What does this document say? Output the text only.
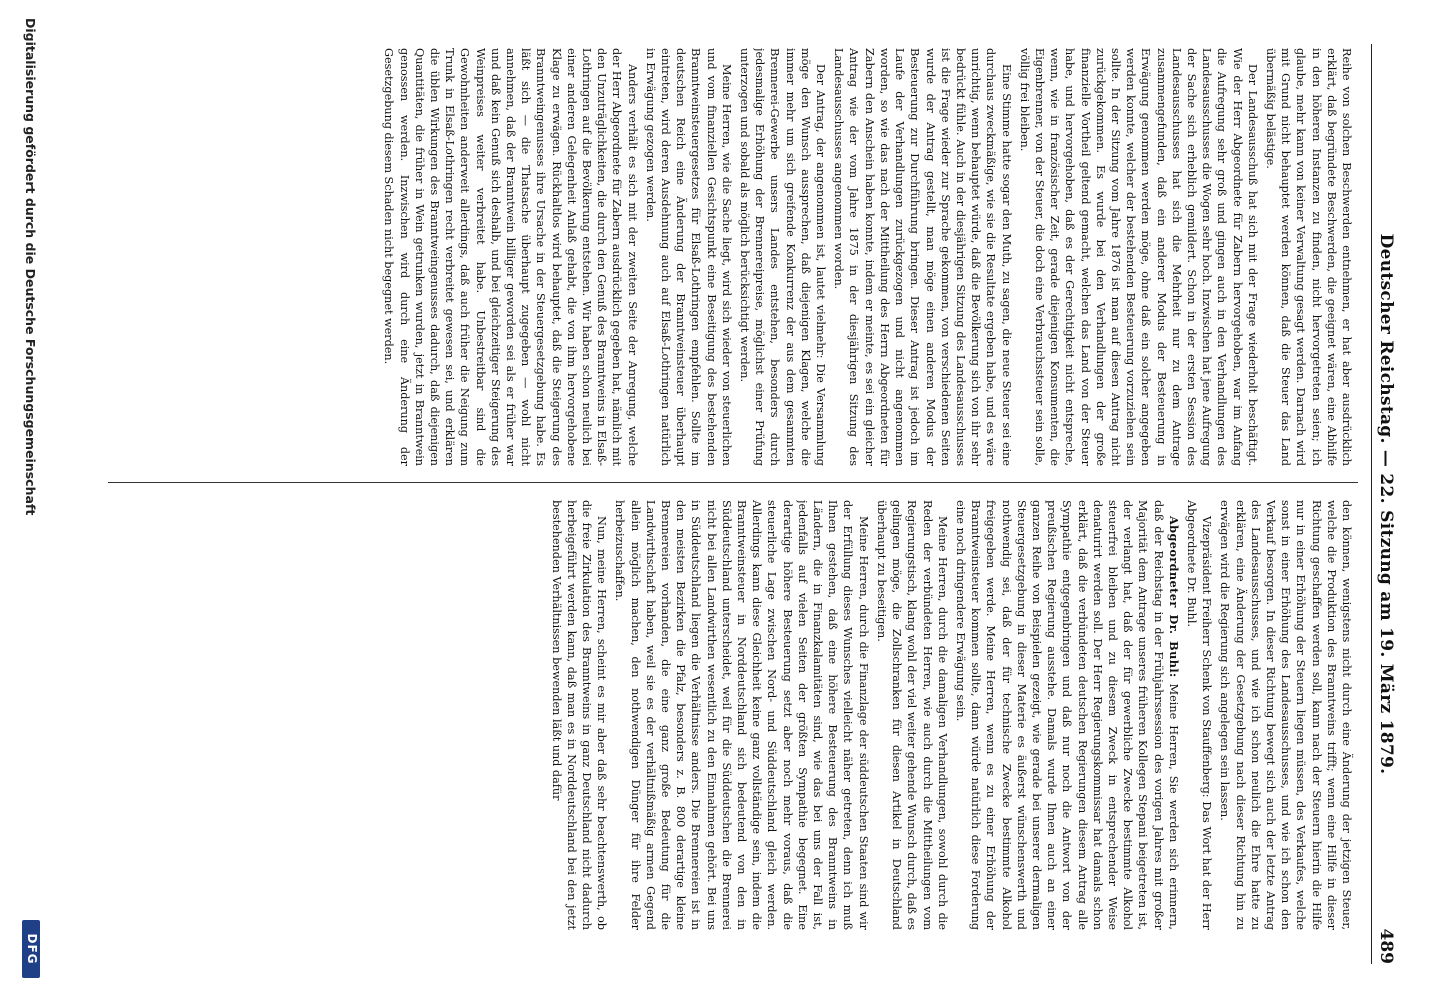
Deutscher Reichstag. — 22. Sitzung am 19. März 1879.
489

Reihe von solchen Beschwerden entnehmen, er hat aber ausdrücklich erklärt, daß begründete Beschwerden, die geeignet wären, eine Abhilfe in den höheren Instanzen zu finden, nicht hervorgetreten seien; ich glaube, mehr kann von keiner Verwaltung gesagt werden. Darnach wird mit Grund nicht behauptet werden können, daß die Steuer das Land übermäßig belästige.

Der Landesausschuß hat sich mit der Frage wiederholt beschäftigt. Wie der Herr Abgeordnete für Zabern hervorgehoben, war im Anfang die Aufregung sehr groß und gingen auch in den Verhandlungen des Landesausschusses die Wogen sehr hoch. Inzwischen hat jene Aufregung der Sache sich erheblich gemildert. Schon in der ersten Session des Landesausschusses hat sich die Mehrheit nur zu dem Antrage zusammengefunden, daß ein anderer Modus der Besteuerung in Erwägung genommen werden möge, ohne daß ein solcher angegeben werden konnte, welcher der bestehenden Besteuerung vorzuziehen sein sollte. In der Sitzung vom Jahre 1876 ist man auf diesen Antrag nicht zurückgekommen. Es wurde bei den Verhandlungen der große finanzielle Vortheil geltend gemacht, welchen das Land von der Steuer habe, und hervorgehoben, daß es der Gerechtigkeit nicht entspreche, wenn, wie in französischer Zeit, gerade diejenigen Konsumenten, die Eigenbrenner, von der Steuer, die doch eine Verbrauchssteuer sein solle, völlig frei bleiben.

Eine Stimme hatte sogar den Muth, zu sagen, die neue Steuer sei eine durchaus zweckmäßige, wie sie die Resultate ergeben habe, und es wäre unrichtig, wenn behauptet würde, daß die Bevölkerung sich von ihr sehr bedrückt fühle. Auch in der diesjährigen Sitzung des Landesausschusses ist die Frage wieder zur Sprache gekommen, von verschiedenen Seiten wurde der Antrag gestellt, man möge einen anderen Modus der Besteuerung zur Durchführung bringen. Dieser Antrag ist jedoch im Laufe der Verhandlungen zurückgezogen und nicht angenommen worden, so wie das nach der Mittheilung des Herrn Abgeordneten für Zabern den Anschein haben konnte, indem er meinte, es sei ein gleicher Antrag wie der vom Jahre 1875 in der diesjährigen Sitzung des Landesausschusses angenommen worden.

Der Antrag, der angenommen ist, lautet vielmehr: Die Versammlung möge den Wunsch aussprechen, daß diejenigen Klagen, welche die immer mehr um sich greifende Konkurrenz der aus dem gesammten Brennerei-Gewerbe unsers Landes entstehen, besonders durch jedesmalige Erhöhung der Brennereipreise, möglichst einer Prüfung unterzogen und sobald als möglich berücksichtigt werden.

Meine Herren, wie die Sache liegt, wird sich wieder von steuerlichen und vom finanziellen Gesichtspunkt eine Beseitigung des bestehenden Branntweinsteuergesetzes für Elsaß-Lothringen empfehlen. Sollte im deutschen Reich eine Änderung der Branntweinsteuer überhaupt eintreten, wird deren Ausdehnung auch auf Elsaß-Lothringen natürlich in Erwägung gezogen werden.

Anders verhält es sich mit der zweiten Seite der Anregung, welche der Herr Abgeordnete für Zabern ausdrücklich gegeben hat, nämlich mit den Unzuträglichkeiten, die durch den Genuß des Branntweins in Elsaß-Lothringen auf die Bevölkerung entstehen. Wir haben schon neulich bei einer anderen Gelegenheit Anlaß gehabt, die von ihm hervorgehobene Klage zu erwägen. Rückhaltlos wird behauptet, daß die Steigerung des Branntweingenusses ihre Ursache in der Steuergesetzgebung habe. Es läßt sich — die Thatsache überhaupt zugegeben — wohl nicht annehmen, daß der Branntwein billiger geworden sei als er früher war und daß kein Genuß sich deshalb, und bei gleichzeitiger Steigerung des Weinpreises weiter verbreitet habe. Unbestreitbar sind die Gewohnheiten anderweit allerdings, daß auch früher die Neigung zum Trunk in Elsaß-Lothringen recht verbreitet gewesen sei, und erklären die üblen Wirkungen des Branntweingenusses dadurch, daß diejenigen Quantitäten, die früher in Wein getrunken wurden, jetzt in Branntwein genossen werden. Inzwischen wird durch eine Änderung der Gesetzgebung diesem Schaden nicht begegnet werden.

den können, wenigstens nicht durch eine Änderung der jetzigen Steuer, welche die Produktion des Branntweins trifft; wenn eine Hilfe in dieser Richtung geschaffen werden soll, kann nach der Steuern hierin die Hilfe nur in einer Erhöhung der Steuern liegen müssen, des Verkaufes, welche sonst in einer Erhöhung des Landesausschusses, und wie ich schon den Verkauf besorgen. In dieser Richtung bewegt sich auch der letzte Antrag des Landesausschusses, und wie ich schon neulich die Ehre hatte zu erklären, eine Änderung der Gesetzgebung nach dieser Richtung hin zu erwägen wird die Regierung sich angelegen sein lassen.

Vizepräsident Freiherr Schenk von Stauffenberg: Das Wort hat der Herr Abgeordnete Dr. Buhl.

Abgeordneter Dr. Buhl: Meine Herren, Sie werden sich erinnern, daß der Reichstag in der Frühjahrssession des vorigen Jahres mit großer Majorität dem Antrage unseres früheren Kollegen Stepani beigetreten ist, der verlangt hat, daß der für gewerbliche Zwecke bestimmte Alkohol steuerfrei bleiben und zu diesem Zweck in entsprechender Weise denaturirt werden soll. Der Herr Regierungskommissar hat damals schon erklärt, daß die verbündeten deutschen Regierungen diesem Antrag alle Sympathie entgegenbringen und daß nur noch die Antwort von der preußischen Regierung ausstehe. Damals wurde Ihnen auch an einer ganzen Reihe von Beispielen gezeigt, wie gerade bei unserer dermaligen Steuergesetzgebung in dieser Materie es äußerst wünschenswerth und nothwendig sei, daß der für technische Zwecke bestimmte Alkohol freigegeben werde. Meine Herren, wenn es zu einer Erhöhung der Branntweinsteuer kommen sollte, dann würde natürlich diese Forderung eine noch dringendere Erwägung sein.

Meine Herren, durch die damaligen Verhandlungen, sowohl durch die Reden der verbündeten Herren, wie auch durch die Mittheilungen vom Regierungstisch, klang wohl der viel weiter gehende Wunsch durch, daß es gelingen möge, die Zollschranken für diesen Artikel in Deutschland überhaupt zu beseitigen.

Meine Herren, durch die Finanzlage der süddeutschen Staaten sind wir der Erfüllung dieses Wunsches vielleicht näher getreten, denn ich muß Ihnen gestehen, daß eine höhere Besteuerung des Branntweins in Ländern, die in Finanzkalamitäten sind, wie das bei uns der Fall ist, jedenfalls auf vielen Seiten der größten Sympathie begegnet. Eine derartige höhere Besteuerung setzt aber noch mehr voraus, daß die steuerliche Lage zwischen Nord- und Süddeutschland gleich werden. Allerdings kann diese Gleichheit keine ganz vollständige sein, indem die Branntweinsteuer in Norddeutschland sich bedeutend von den in Süddeutschland unterscheidet, weil für die Süddeutschen die Brennerei nicht bei allen Landwirthen wesentlich zu den Einnahmen gehört. Bei uns in Süddeutschland liegen die Verhältnisse anders. Die Brennereien ist in den meisten Bezirken die Pfalz, besonders z. B. 800 derartige kleine Brennereien vorhanden, die eine ganz große Bedeutung für die Landwirthschaft haben, weil sie es der verhältnißmäßig armen Gegend allein möglich machen, den nothwendigen Dünger für ihre Felder herbeizuschaffen.

Nun, meine Herren, scheint es mir aber daß sehr beachtenswerth, ob die freie Zirkulation des Branntweins in ganz Deutschland nicht dadurch herbeigeführt werden kann, daß man es in Norddeutschland bei den jetzt bestehenden Verhältnissen bewenden läßt und dafür

Digitalisierung gefördert durch die Deutsche Forschungsgemeinschaft
DFG
